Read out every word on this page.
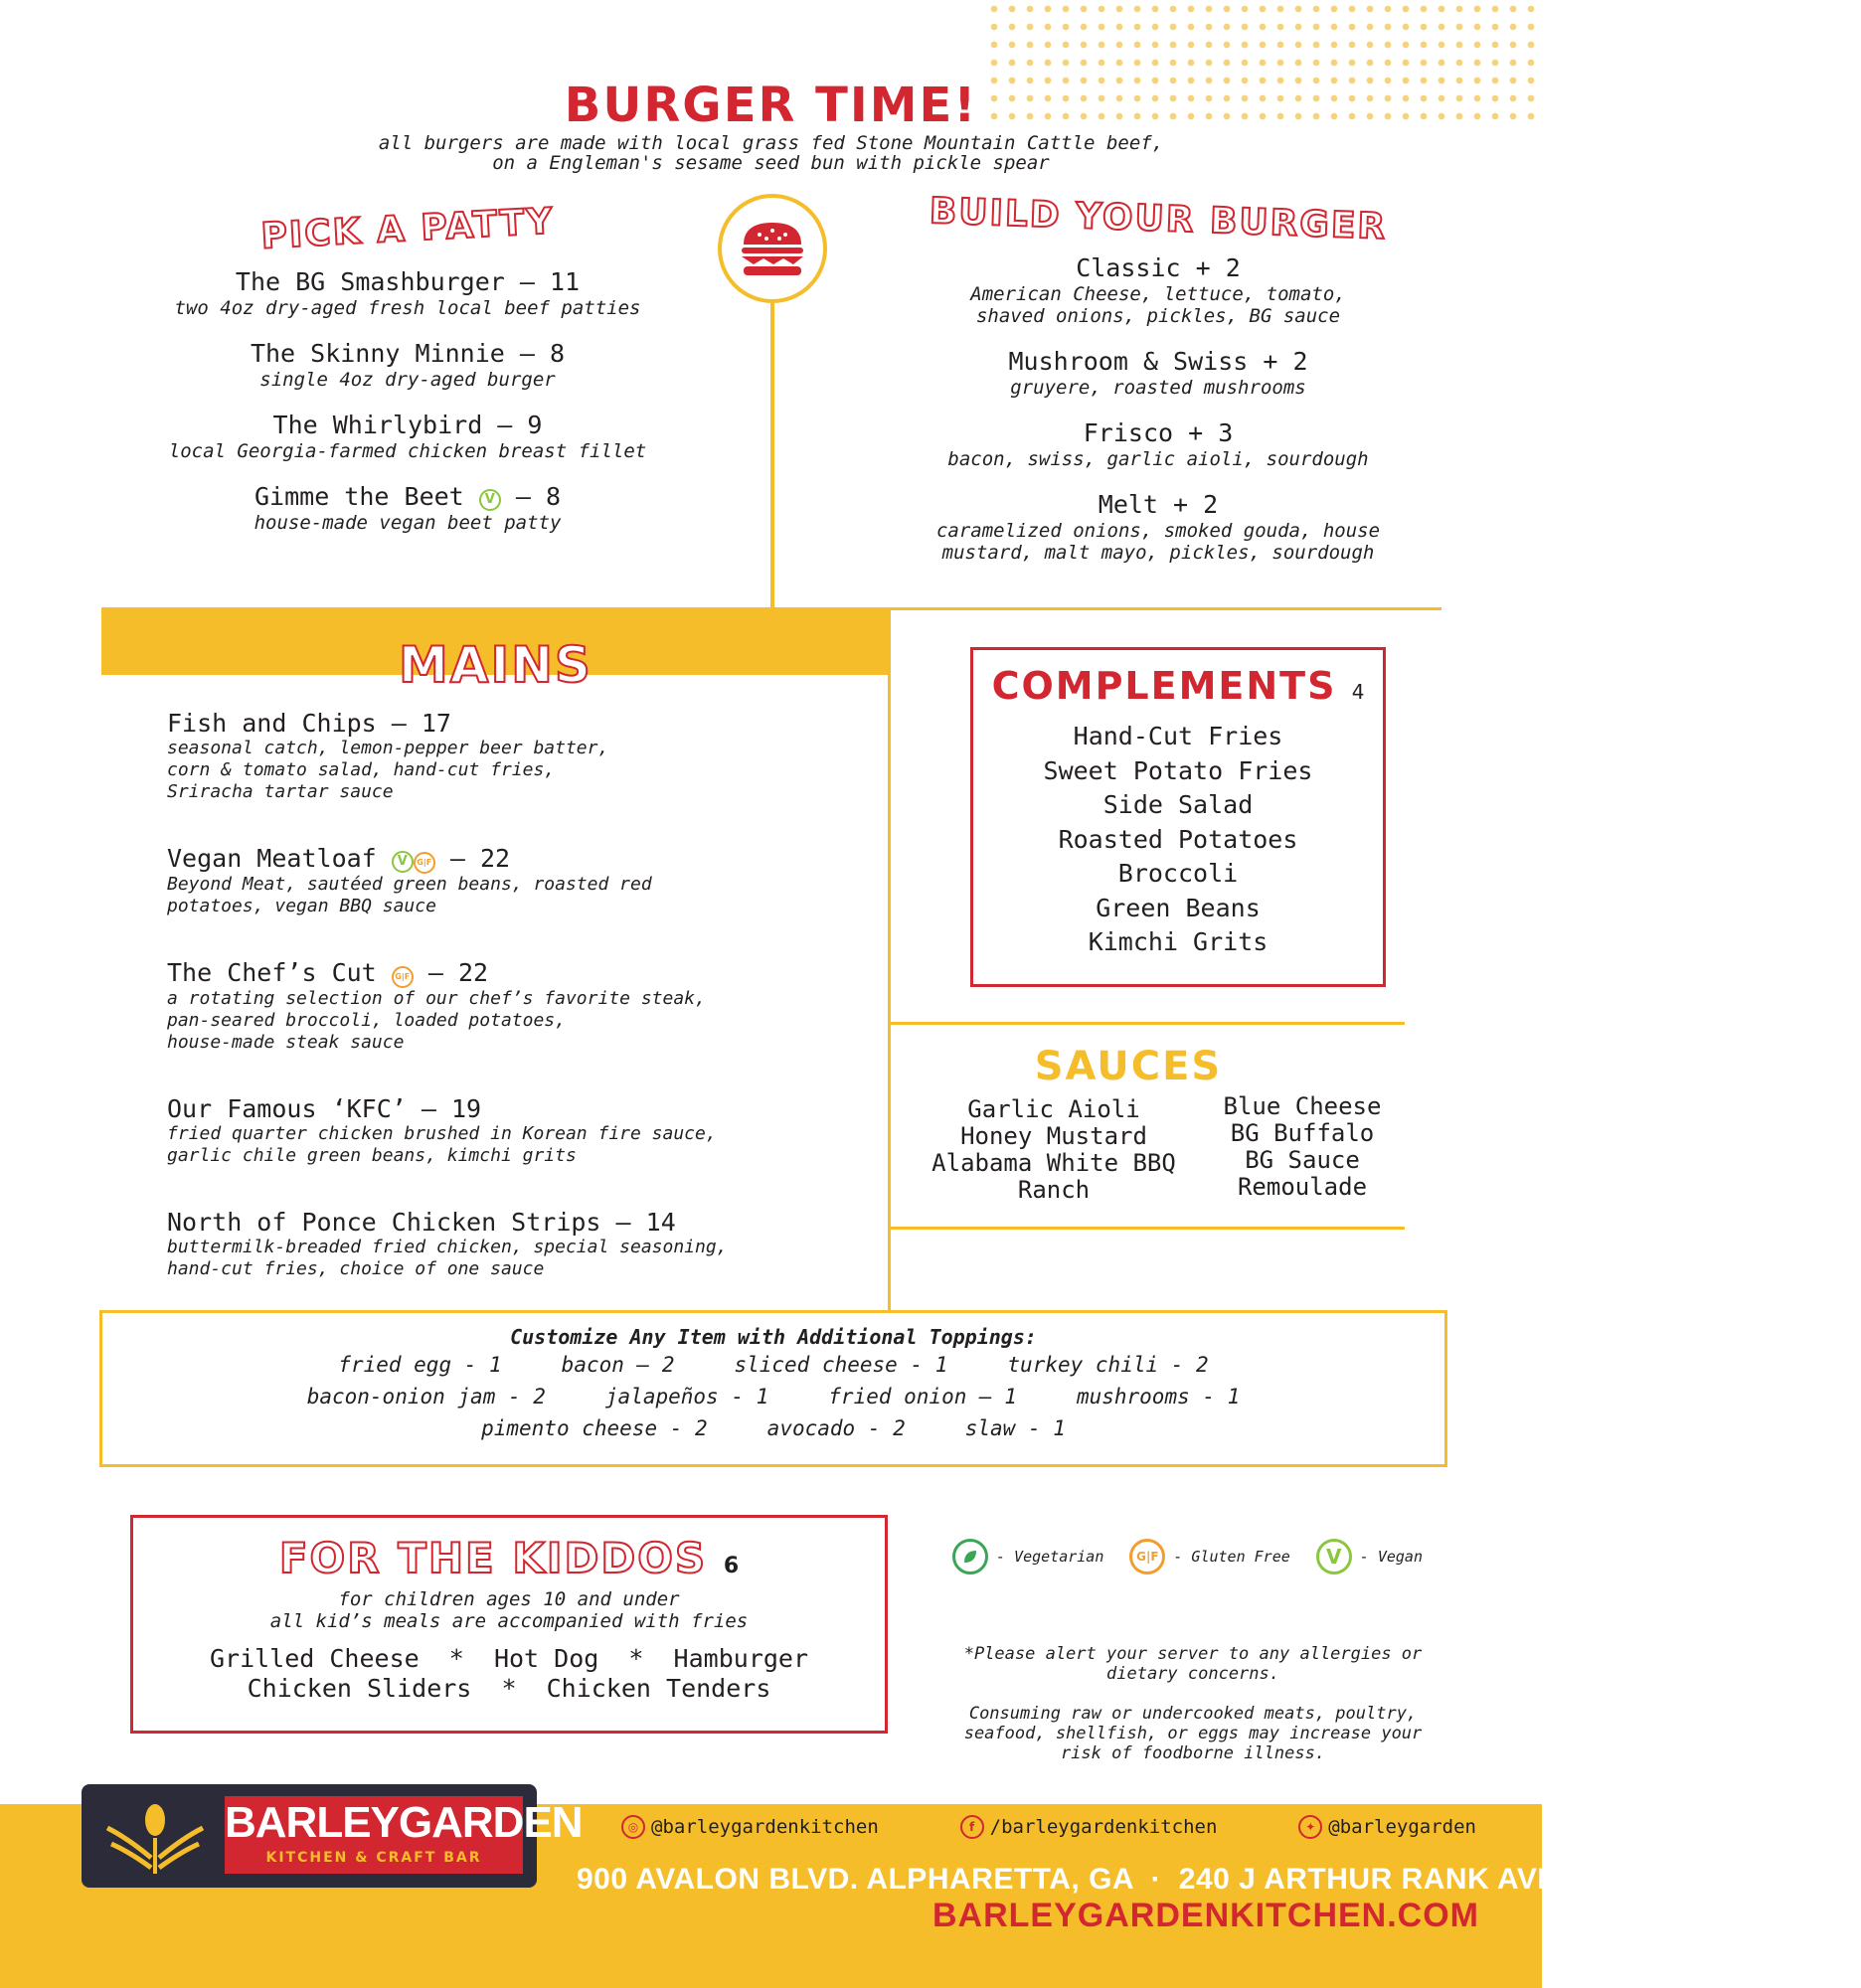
BURGER TIME!
all burgers are made with local grass fed Stone Mountain Cattle beef,
on a Engleman's sesame seed bun with pickle spear
PICK A PATTY
The BG Smashburger — 11
two 4oz dry-aged fresh local beef patties
The Skinny Minnie – 8
single 4oz dry-aged burger
The Whirlybird – 9
local Georgia-farmed chicken breast fillet
Gimme the Beet V – 8
house-made vegan beet patty
BUILD YOUR BURGER
Classic + 2
American Cheese, lettuce, tomato,
shaved onions, pickles, BG sauce
Mushroom & Swiss + 2
gruyere, roasted mushrooms
Frisco + 3
bacon, swiss, garlic aioli, sourdough
Melt + 2
caramelized onions, smoked gouda, house
mustard, malt mayo, pickles, sourdough
MAINS
Fish and Chips — 17
seasonal catch, lemon-pepper beer batter,
corn & tomato salad, hand-cut fries,
Sriracha tartar sauce
Vegan Meatloaf V G|F — 22
Beyond Meat, sautéed green beans, roasted red
potatoes, vegan BBQ sauce
The Chef’s Cut G|F — 22
a rotating selection of our chef’s favorite steak,
pan-seared broccoli, loaded potatoes,
house-made steak sauce
Our Famous ‘KFC’ — 19
fried quarter chicken brushed in Korean fire sauce,
garlic chile green beans, kimchi grits
North of Ponce Chicken Strips — 14
buttermilk-breaded fried chicken, special seasoning,
hand-cut fries, choice of one sauce
COMPLEMENTS 4
Hand-Cut Fries
Sweet Potato Fries
Side Salad
Roasted Potatoes
Broccoli
Green Beans
Kimchi Grits
SAUCES
Garlic Aioli
Honey Mustard
Alabama White BBQ
Ranch
Blue Cheese
BG Buffalo
BG Sauce
Remoulade
Customize Any Item with Additional Toppings:
fried egg - 1	bacon – 2	sliced cheese - 1	turkey chili - 2
bacon-onion jam - 2	jalapeños - 1	fried onion – 1	mushrooms - 1
pimento cheese - 2	avocado - 2	slaw - 1
FOR THE KIDDOS 6
for children ages 10 and under
all kid’s meals are accompanied with fries
Grilled Cheese  *  Hot Dog  *  Hamburger
Chicken Sliders  *  Chicken Tenders
- Vegetarian	G|F - Gluten Free	V	- Vegan
*Please alert your server to any allergies or
dietary concerns.
Consuming raw or undercooked meats, poultry,
seafood, shellfish, or eggs may increase your
risk of foodborne illness.
BARLEYGARDEN
KITCHEN & CRAFT BAR
◎ @barleygardenkitchen	f /barleygardenkitchen	✦ @barleygarden
900 AVALON BLVD. ALPHARETTA, GA  ·  240 J ARTHUR RANK AVE, FAYETTEVILLE, GA
BARLEYGARDENKITCHEN.COM
